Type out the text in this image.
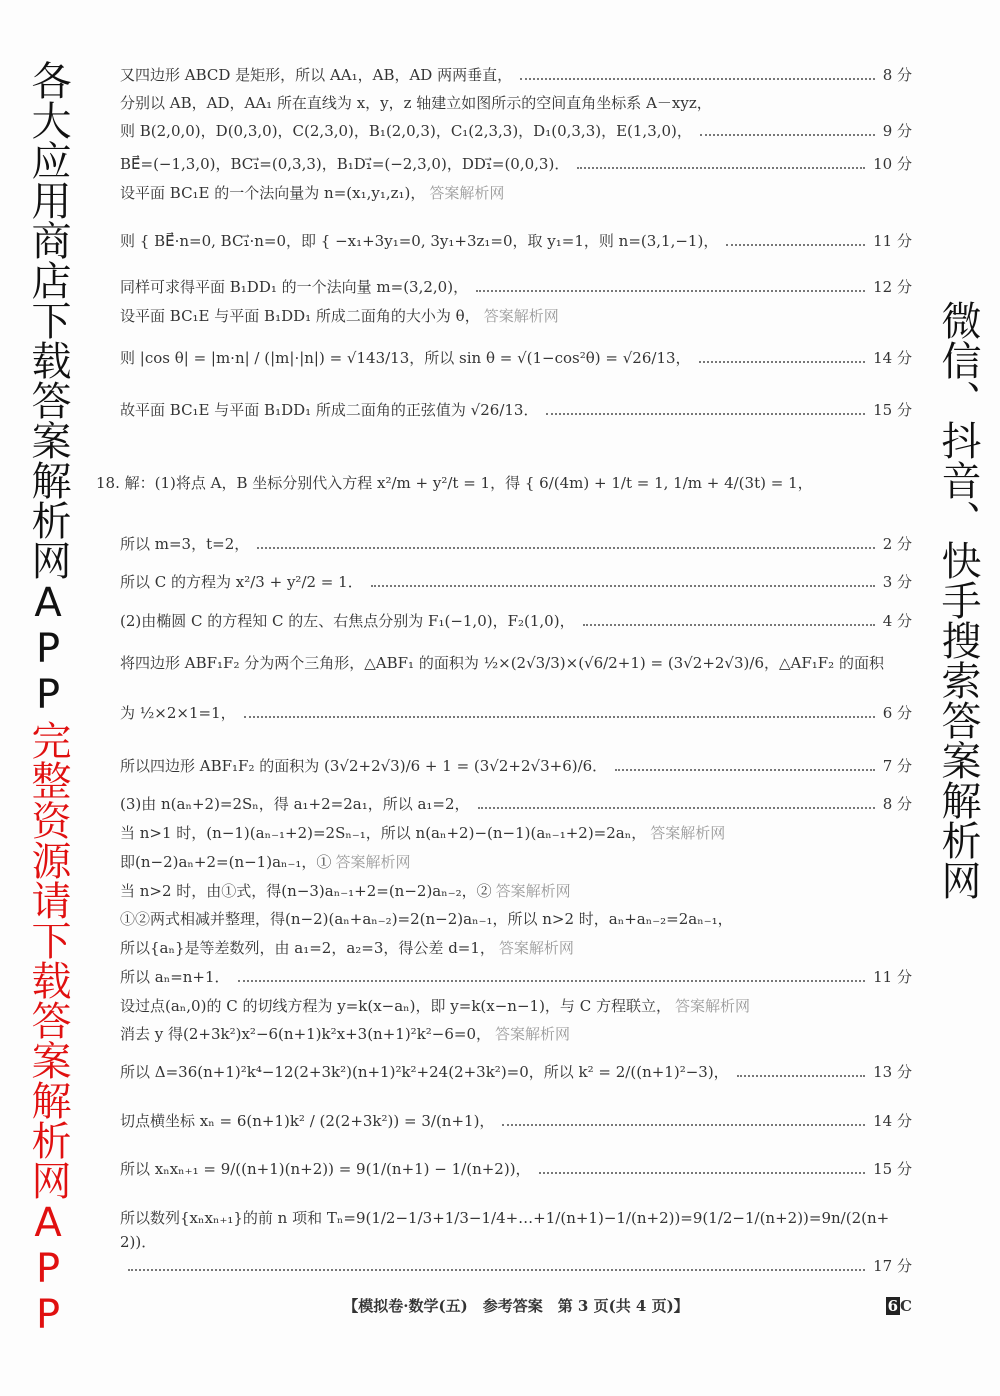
又四边形 ABCD 是矩形，所以 AA₁，AB，AD 两两垂直，	8 分
分别以 AB，AD，AA₁ 所在直线为 x，y，z 轴建立如图所示的空间直角坐标系 A－xyz，
则 B(2,0,0)，D(0,3,0)，C(2,3,0)，B₁(2,0,3)，C₁(2,3,3)，D₁(0,3,3)，E(1,3,0)，	9 分
BE⃗=(−1,3,0)，BC₁⃗=(0,3,3)，B₁D₁⃗=(−2,3,0)，DD₁⃗=(0,0,3)．	10 分
设平面 BC₁E 的一个法向量为 n=(x₁,y₁,z₁)， 答案解析网
则 { BE⃗·n=0, BC₁⃗·n=0，即 { −x₁+3y₁=0, 3y₁+3z₁=0，取 y₁=1，则 n=(3,1,−1)，	11 分
同样可求得平面 B₁DD₁ 的一个法向量 m=(3,2,0)，	12 分
设平面 BC₁E 与平面 B₁DD₁ 所成二面角的大小为 θ， 答案解析网
则 |cos θ| = |m·n| / (|m|·|n|) = √143/13，所以 sin θ = √(1−cos²θ) = √26/13，	14 分
故平面 BC₁E 与平面 B₁DD₁ 所成二面角的正弦值为 √26/13．	15 分
18. 解：(1)将点 A，B 坐标分别代入方程 x²/m + y²/t = 1，得 { 6/(4m) + 1/t = 1, 1/m + 4/(3t) = 1，
所以 m=3，t=2，	2 分
所以 C 的方程为 x²/3 + y²/2 = 1．	3 分
(2)由椭圆 C 的方程知 C 的左、右焦点分别为 F₁(−1,0)，F₂(1,0)，	4 分
将四边形 ABF₁F₂ 分为两个三角形，△ABF₁ 的面积为 ½×(2√3/3)×(√6/2+1) = (3√2+2√3)/6，△AF₁F₂ 的面积
为 ½×2×1=1，	6 分
所以四边形 ABF₁F₂ 的面积为 (3√2+2√3)/6 + 1 = (3√2+2√3+6)/6．	7 分
(3)由 n(aₙ+2)=2Sₙ，得 a₁+2=2a₁，所以 a₁=2，	8 分
当 n>1 时，(n−1)(aₙ₋₁+2)=2Sₙ₋₁，所以 n(aₙ+2)−(n−1)(aₙ₋₁+2)=2aₙ， 答案解析网
即(n−2)aₙ+2=(n−1)aₙ₋₁，① 答案解析网
当 n>2 时，由①式，得(n−3)aₙ₋₁+2=(n−2)aₙ₋₂，② 答案解析网
①②两式相减并整理，得(n−2)(aₙ+aₙ₋₂)=2(n−2)aₙ₋₁，所以 n>2 时，aₙ+aₙ₋₂=2aₙ₋₁，
所以{aₙ}是等差数列，由 a₁=2，a₂=3，得公差 d=1， 答案解析网
所以 aₙ=n+1．	11 分
设过点(aₙ,0)的 C 的切线方程为 y=k(x−aₙ)，即 y=k(x−n−1)，与 C 方程联立， 答案解析网
消去 y 得(2+3k²)x²−6(n+1)k²x+3(n+1)²k²−6=0， 答案解析网
所以 Δ=36(n+1)²k⁴−12(2+3k²)(n+1)²k²+24(2+3k²)=0，所以 k² = 2/((n+1)²−3)，	13 分
切点横坐标 xₙ = 6(n+1)k² / (2(2+3k²)) = 3/(n+1)，	14 分
所以 xₙxₙ₊₁ = 9/((n+1)(n+2)) = 9(1/(n+1) − 1/(n+2))，	15 分
所以数列{xₙxₙ₊₁}的前 n 项和 Tₙ=9(1/2−1/3+1/3−1/4+…+1/(n+1)−1/(n+2))=9(1/2−1/(n+2))=9n/(2(n+2))．
17 分
【模拟卷·数学(五)　参考答案　第 3 页(共 4 页)】	6 C
各大应用商店下载答案解析网APP
完整资源请下载答案解析网APP
微信、抖音、快手搜索答案解析网
